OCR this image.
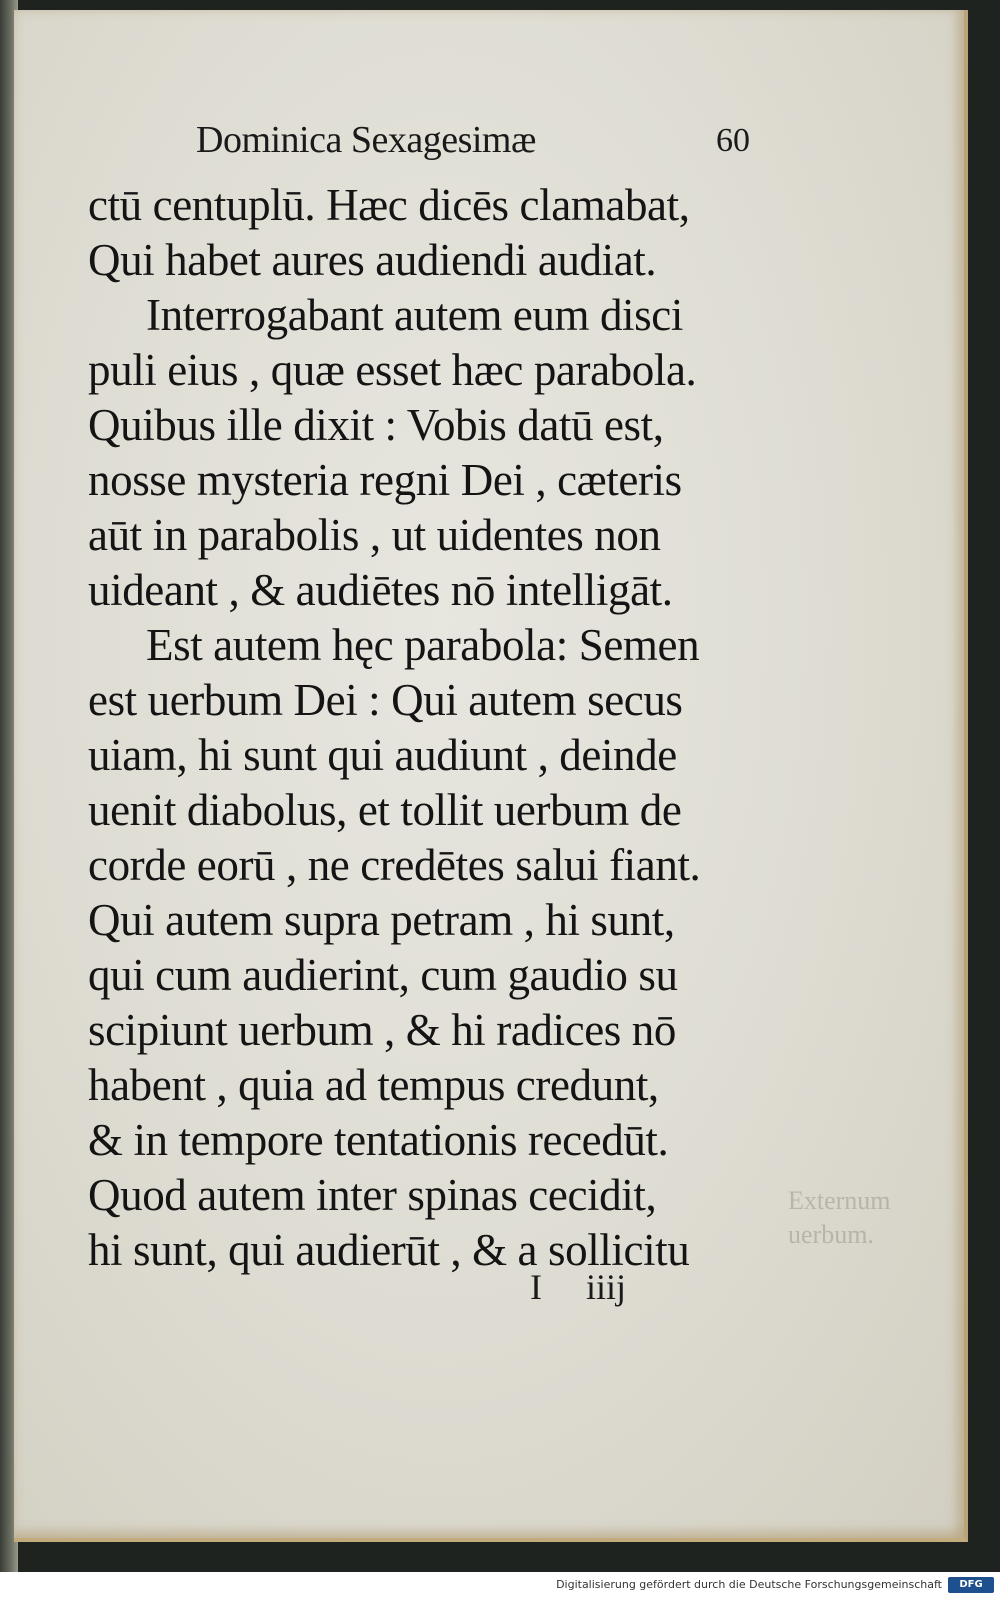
Externum
uerbum.
Dominica Sexagesimæ	60
ctū centuplū. Hæc dicēs clamabat,
Qui habet aures audiendi audiat.
Interrogabant autem eum disci
puli eius , quæ esset hæc parabola.
Quibus ille dixit : Vobis datū est,
nosse mysteria regni Dei , cæteris
aūt in parabolis , ut uidentes non
uideant , & audiētes nō intelligāt.
Est autem hęc parabola: Semen
est uerbum Dei : Qui autem secus
uiam, hi sunt qui audiunt , deinde
uenit diabolus, et tollit uerbum de
corde eorū , ne credētes salui fiant.
Qui autem supra petram , hi sunt,
qui cum audierint, cum gaudio su
scipiunt uerbum , & hi radices nō
habent , quia ad tempus credunt,
& in tempore tentationis recedūt.
Quod autem inter spinas cecidit,
hi sunt, qui audierūt , & a sollicitu
I iiij
Digitalisierung gefördert durch die Deutsche Forschungsgemeinschaft	DFG
